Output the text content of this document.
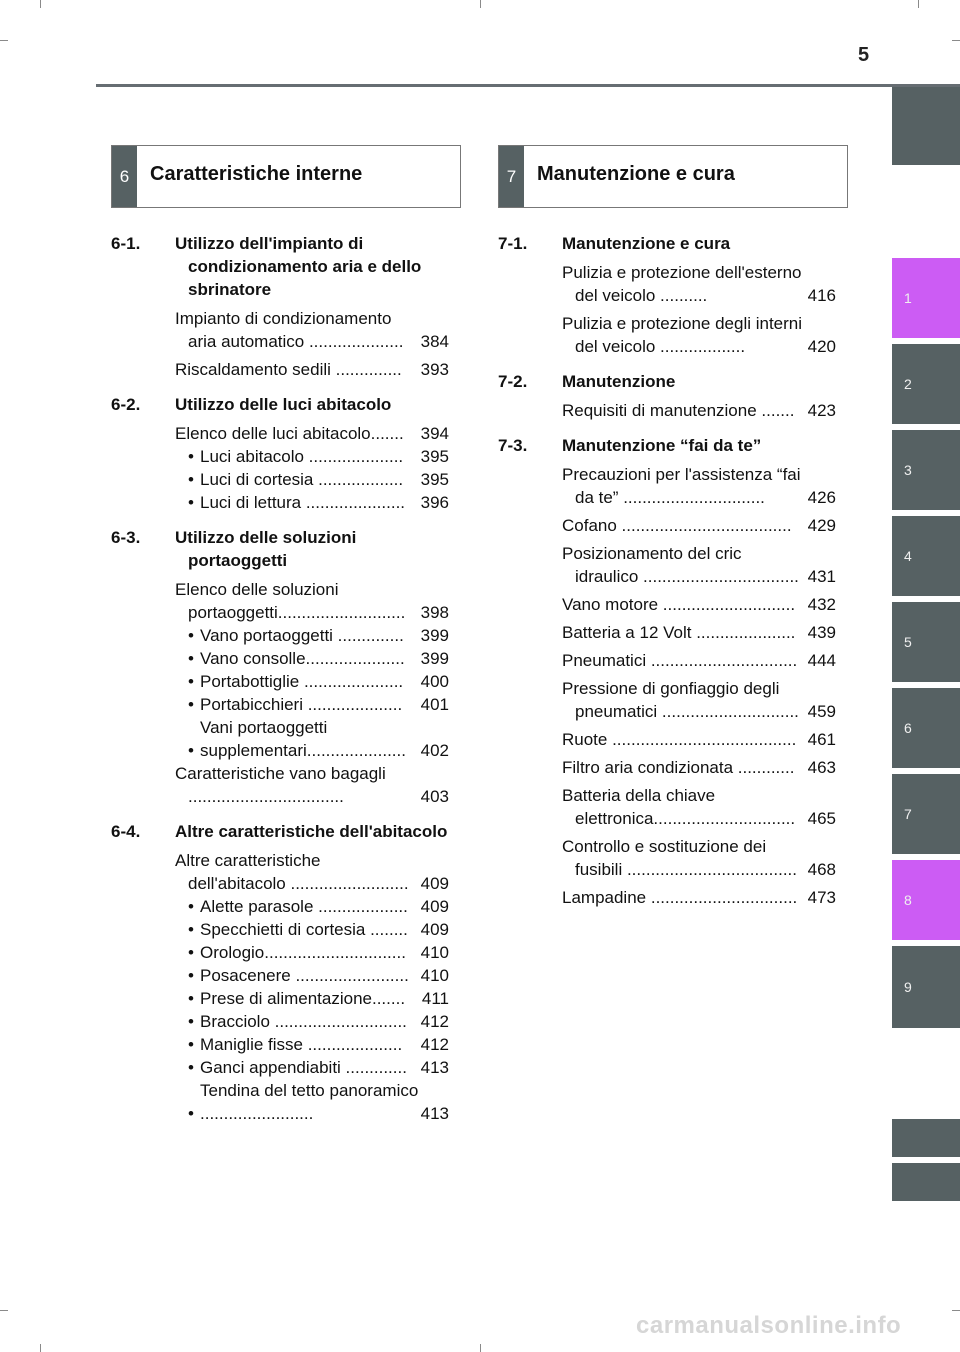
5
1
2
3
4
5
6
7
8
9
6	Caratteristiche interne	7	Manutenzione e cura
6-1. Utilizzo dell'impianto di condizionamento aria e dello sbrinatore
Impianto di condizionamento aria automatico ....................	384
Riscaldamento sedili ..............	393
6-2. Utilizzo delle luci abitacolo
Elenco delle luci abitacolo....... 394
• Luci abitacolo ....................	395
• Luci di cortesia ..................	395
• Luci di lettura ..................... 396
6-3. Utilizzo delle soluzioni portaoggetti
Elenco delle soluzioni portaoggetti........................... 398
• Vano portaoggetti .............. 399
• Vano consolle..................... 399
• Portabottiglie .....................	400
• Portabicchieri ....................	401
•
Vani portaoggetti supplementari..................... 402
Caratteristiche vano bagagli .................................	403
6-4. Altre caratteristiche dell'abitacolo
Altre caratteristiche dell'abitacolo ......................... 409
• Alette parasole ................... 409
• Specchietti di cortesia ........ 409
• Orologio.............................. 410
• Posacenere ........................ 410
• Prese di alimentazione....... 411
• Bracciolo ............................ 412
• Maniglie fisse ....................	412
• Ganci appendiabiti ............. 413
•
Tendina del tetto panoramico ........................	413
7-1. Manutenzione e cura
Pulizia e protezione dell'esterno del veicolo ..........	416
Pulizia e protezione degli interni del veicolo ..................	420
7-2. Manutenzione
Requisiti di manutenzione ....... 423
7-3. Manutenzione “fai da te”
Precauzioni per l'assistenza “fai da te” ..............................	426
Cofano .................................... 429
Posizionamento del cric idraulico ................................. 431
Vano motore ............................ 432
Batteria a 12 Volt ..................... 439
Pneumatici ............................... 444
Pressione di gonfiaggio degli pneumatici ............................. 459
Ruote ....................................... 461
Filtro aria condizionata ............ 463
Batteria della chiave elettronica.............................. 465
Controllo e sostituzione dei fusibili .................................... 468
Lampadine ............................... 473
carmanualsonline.info
